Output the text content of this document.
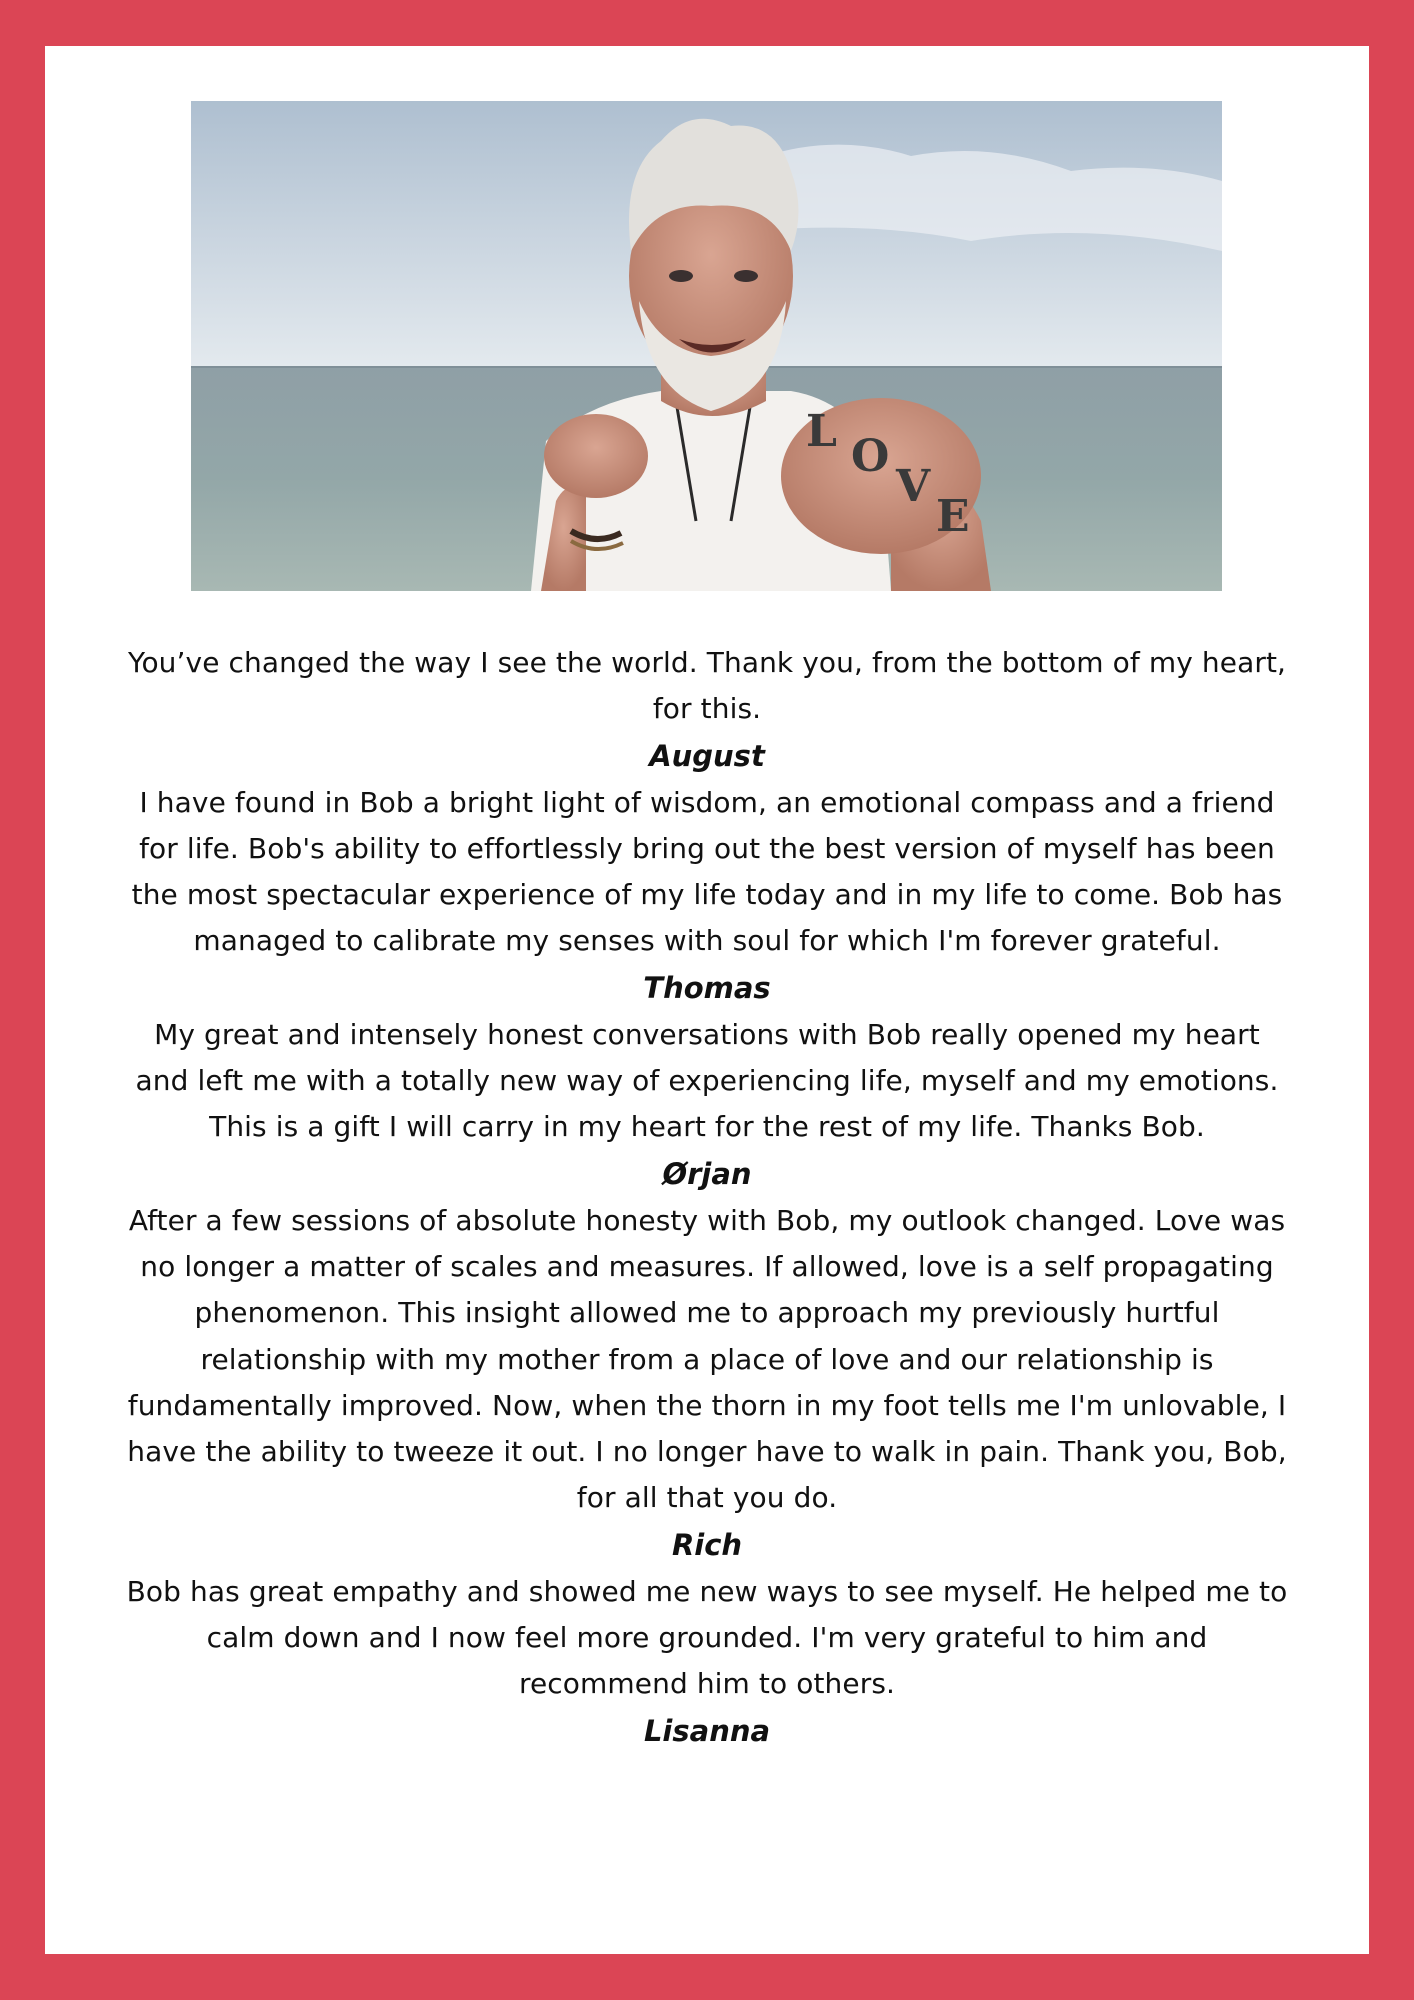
L O
V
E

You’ve changed the way I see the world. Thank you, from the bottom of my heart, for this.

August

I have found in Bob a bright light of wisdom, an emotional compass and a friend for life. Bob's ability to effortlessly bring out the best version of myself has been the most spectacular experience of my life today and in my life to come. Bob has managed to calibrate my senses with soul for which I'm forever grateful.

Thomas

My great and intensely honest conversations with Bob really opened my heart and left me with a totally new way of experiencing life, myself and my emotions. This is a gift I will carry in my heart for the rest of my life. Thanks Bob.

Ørjan

After a few sessions of absolute honesty with Bob, my outlook changed. Love was no longer a matter of scales and measures. If allowed, love is a self propagating phenomenon. This insight allowed me to approach my previously hurtful relationship with my mother from a place of love and our relationship is fundamentally improved. Now, when the thorn in my foot tells me I'm unlovable, I have the ability to tweeze it out. I no longer have to walk in pain. Thank you, Bob, for all that you do.

Rich

Bob has great empathy and showed me new ways to see myself. He helped me to calm down and I now feel more grounded. I'm very grateful to him and recommend him to others.

Lisanna
